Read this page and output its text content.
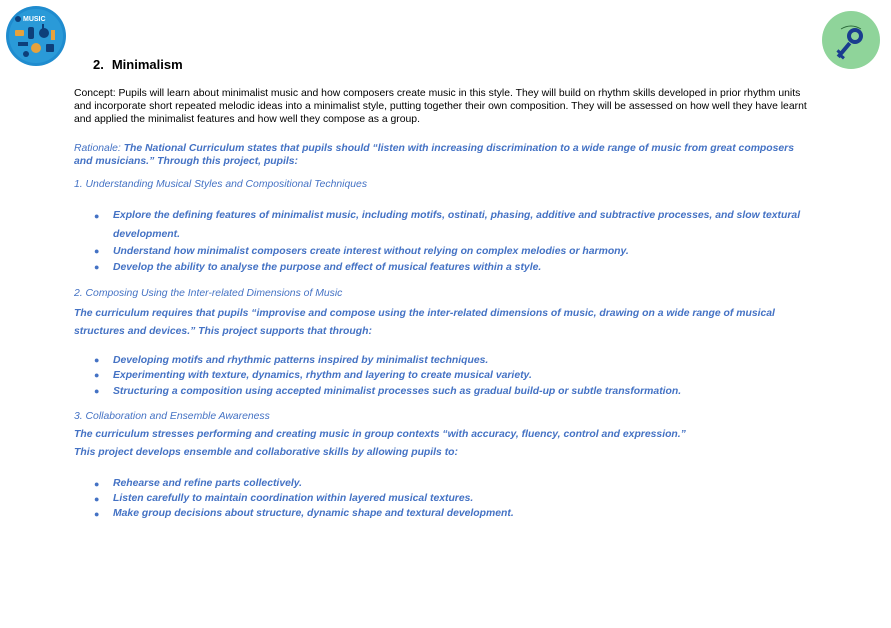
MUSIC
2. Minimalism
Concept: Pupils will learn about minimalist music and how composers create music in this style. They will build on rhythm skills developed in prior rhythm units and incorporate short repeated melodic ideas into a minimalist style, putting together their own composition. They will be assessed on how well they have learnt and applied the minimalist features and how well they compose as a group.
Rationale: The National Curriculum states that pupils should “listen with increasing discrimination to a wide range of music from great composers and musicians.” Through this project, pupils:
1. Understanding Musical Styles and Compositional Techniques
● Explore the defining features of minimalist music, including motifs, ostinati, phasing, additive and subtractive processes, and slow textural development.
● Understand how minimalist composers create interest without relying on complex melodies or harmony.
● Develop the ability to analyse the purpose and effect of musical features within a style.
2. Composing Using the Inter-related Dimensions of Music
The curriculum requires that pupils “improvise and compose using the inter-related dimensions of music, drawing on a wide range of musical structures and devices.” This project supports that through:
● Developing motifs and rhythmic patterns inspired by minimalist techniques.
● Experimenting with texture, dynamics, rhythm and layering to create musical variety.
● Structuring a composition using accepted minimalist processes such as gradual build-up or subtle transformation.
3. Collaboration and Ensemble Awareness
The curriculum stresses performing and creating music in group contexts “with accuracy, fluency, control and expression.”
This project develops ensemble and collaborative skills by allowing pupils to:
● Rehearse and refine parts collectively.
● Listen carefully to maintain coordination within layered musical textures.
● Make group decisions about structure, dynamic shape and textural development.
